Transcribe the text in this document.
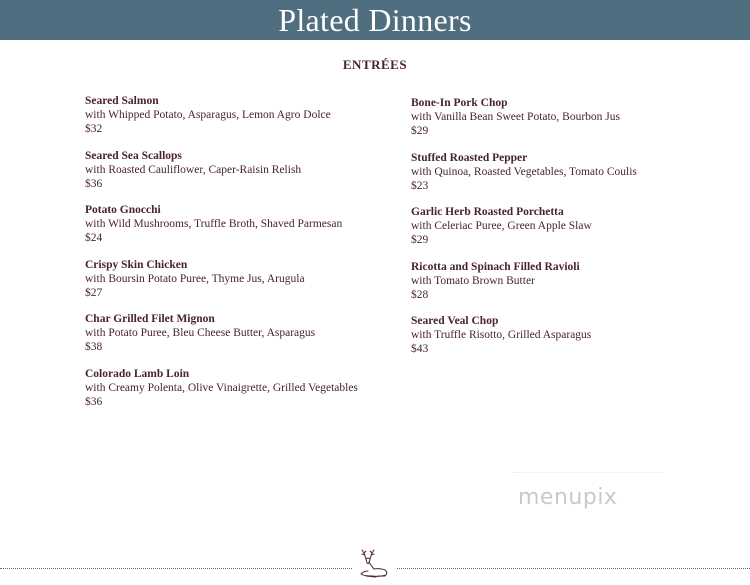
Plated Dinners
ENTRÉES
Seared Salmon
with Whipped Potato, Asparagus, Lemon Agro Dolce
$32
Seared Sea Scallops
with Roasted Cauliflower, Caper-Raisin Relish
$36
Potato Gnocchi
with Wild Mushrooms, Truffle Broth, Shaved Parmesan
$24
Crispy Skin Chicken
with Boursin Potato Puree, Thyme Jus, Arugula
$27
Char Grilled Filet Mignon
with Potato Puree, Bleu Cheese Butter, Asparagus
$38
Colorado Lamb Loin
with Creamy Polenta, Olive Vinaigrette, Grilled Vegetables
$36
Bone-In Pork Chop
with Vanilla Bean Sweet Potato, Bourbon Jus
$29
Stuffed Roasted Pepper
with Quinoa, Roasted Vegetables, Tomato Coulis
$23
Garlic Herb Roasted Porchetta
with Celeriac Puree, Green Apple Slaw
$29
Ricotta and Spinach Filled Ravioli
with Tomato Brown Butter
$28
Seared Veal Chop
with Truffle Risotto, Grilled Asparagus
$43
menupix
